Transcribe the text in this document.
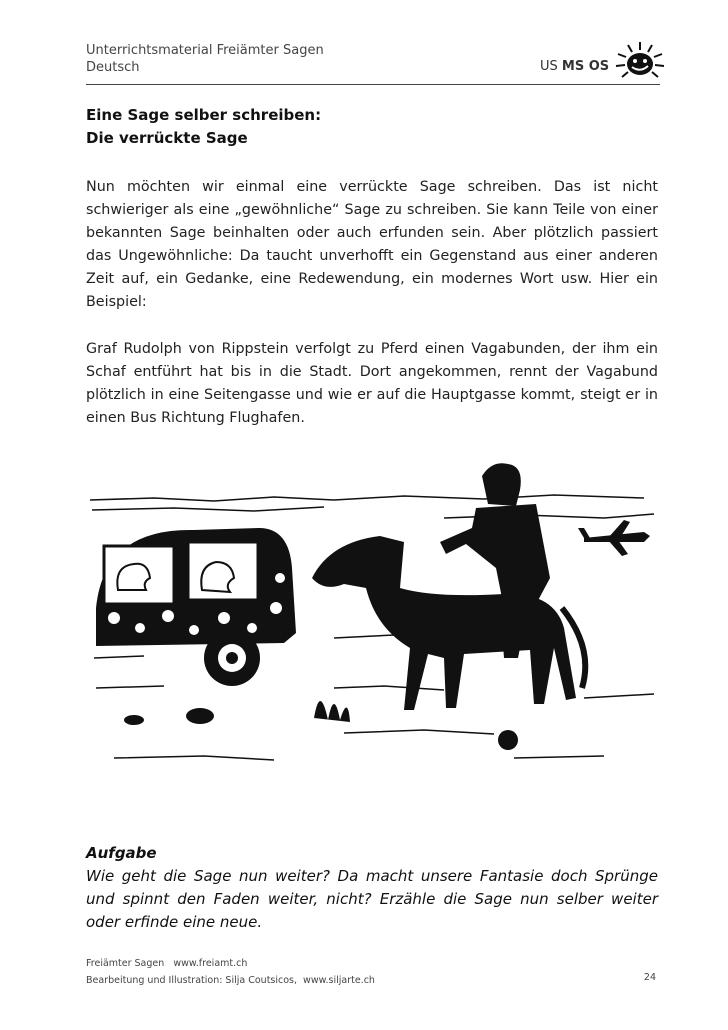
Unterrichtsmaterial Freiämter Sagen
Deutsch	US MS OS
Eine Sage selber schreiben:
Die verrückte Sage
Nun möchten wir einmal eine verrückte Sage schreiben. Das ist nicht schwieriger als eine „gewöhnliche“ Sage zu schreiben. Sie kann Teile von einer bekannten Sage beinhalten oder auch erfunden sein. Aber plötzlich passiert das Ungewöhnliche: Da taucht unverhofft ein Gegenstand aus einer anderen Zeit auf, ein Gedanke, eine Redewendung, ein modernes Wort usw. Hier ein Beispiel:
Graf Rudolph von Rippstein verfolgt zu Pferd einen Vagabunden, der ihm ein Schaf entführt hat bis in die Stadt. Dort angekommen, rennt der Vagabund plötzlich in eine Seitengasse und wie er auf die Hauptgasse kommt, steigt er in einen Bus Richtung Flughafen.
Aufgabe
Wie geht die Sage nun weiter? Da macht unsere Fantasie doch Sprünge und spinnt den Faden weiter, nicht? Erzähle die Sage nun selber weiter oder erfinde eine neue.
Freiämter Sagen   www.freiamt.ch
Bearbeitung und Illustration: Silja Coutsicos,  www.siljarte.ch	24
